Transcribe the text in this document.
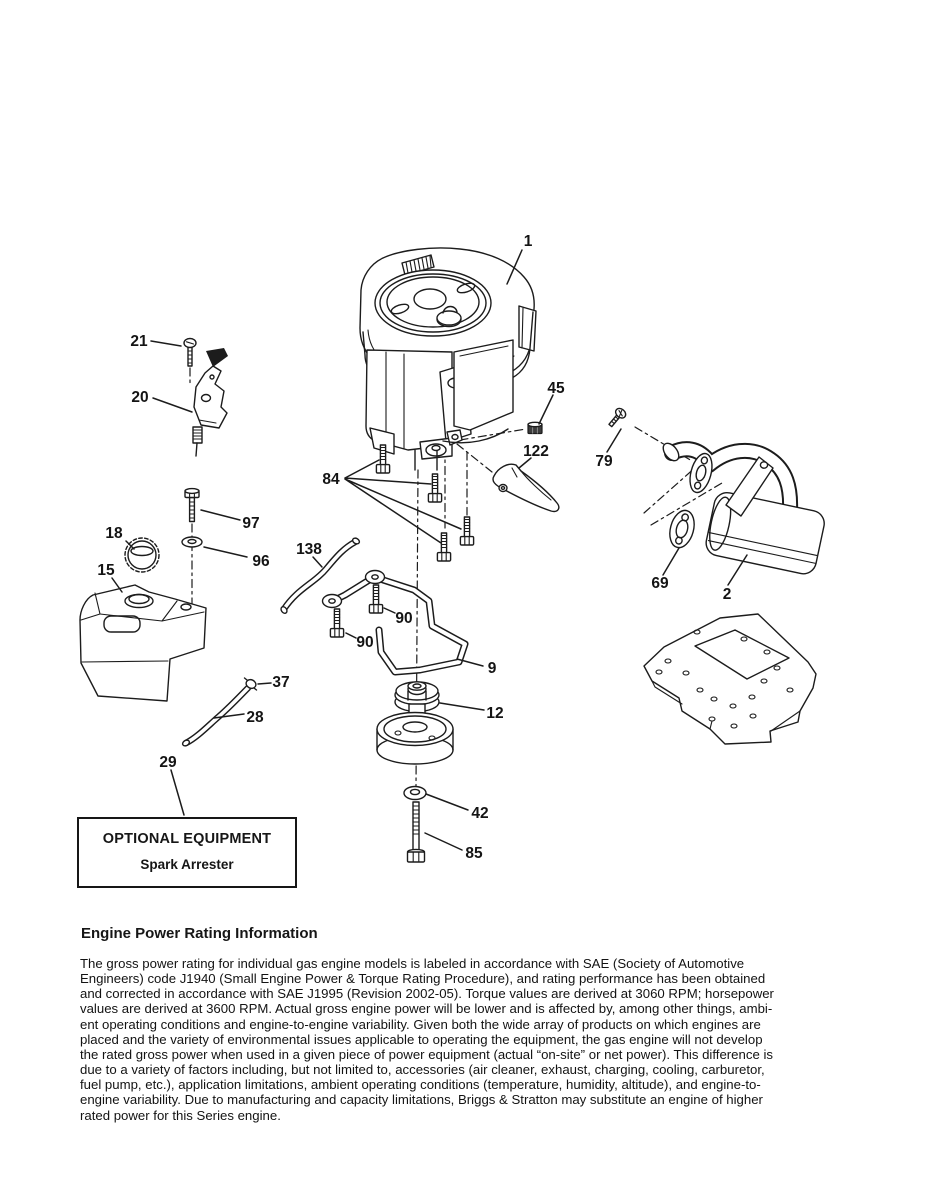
1
21
20
45
79
122
84
97
18
96
15
138
69
2
90
90
9
37
28	12
29
42
85
OPTIONAL EQUIPMENT
Spark Arrester
Engine Power Rating Information
The gross power rating for individual gas engine models is labeled in accordance with SAE (Society of Automotive
Engineers) code J1940 (Small Engine Power & Torque Rating Procedure), and rating performance has been obtained
and corrected in accordance with SAE J1995 (Revision 2002-05). Torque values are derived at 3060 RPM; horsepower
values are derived at 3600 RPM. Actual gross engine power will be lower and is affected by, among other things, ambi-
ent operating conditions and engine-to-engine variability. Given both the wide array of products on which engines are
placed and the variety of environmental issues applicable to operating the equipment, the gas engine will not develop
the rated gross power when used in a given piece of power equipment (actual “on-site” or net power). This difference is
due to a variety of factors including, but not limited to, accessories (air cleaner, exhaust, charging, cooling, carburetor,
fuel pump, etc.), application limitations, ambient operating conditions (temperature, humidity, altitude), and engine-to-
engine variability. Due to manufacturing and capacity limitations, Briggs & Stratton may substitute an engine of higher
rated power for this Series engine.
